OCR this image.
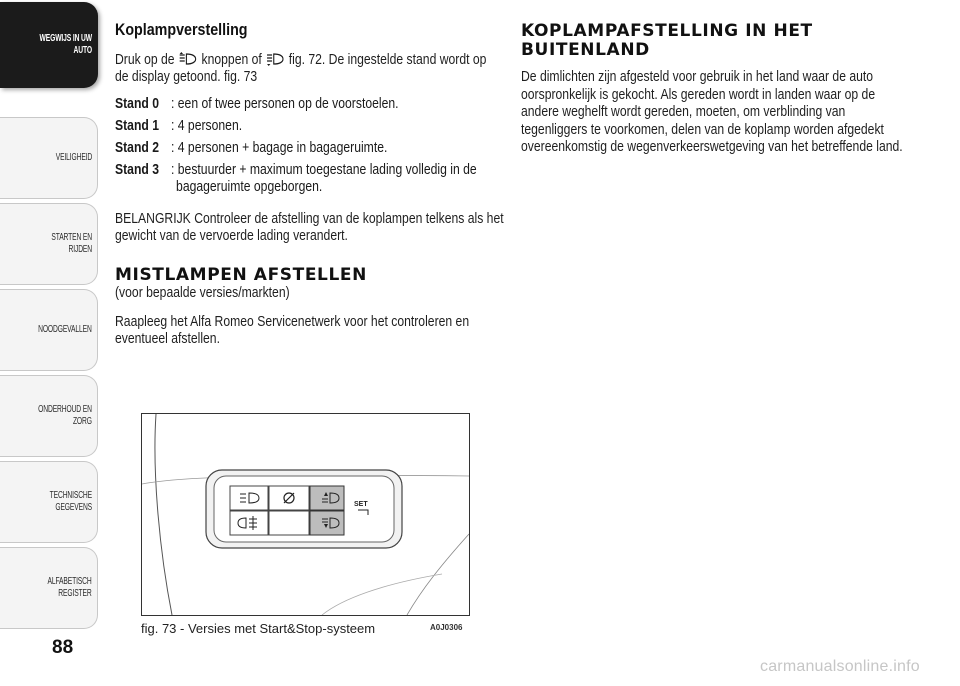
WEGWIJS IN UW
AUTO
VEILIGHEID
STARTEN EN RIJDEN
NOODGEVALLEN
ONDERHOUD EN
ZORG
TECHNISCHE
GEGEVENS
ALFABETISCH
REGISTER
88
Koplampverstelling
Druk op de knoppen of fig. 72. De ingestelde stand wordt op
de display getoond. fig. 73
Stand 0 : een of twee personen op de voorstoelen.
Stand 1 : 4 personen.
Stand 2 : 4 personen + bagage in bagageruimte.
Stand 3 : bestuurder + maximum toegestane lading volledig in de
bagageruimte opgeborgen.
BELANGRIJK Controleer de afstelling van de koplampen telkens als het
gewicht van de vervoerde lading verandert.
MISTLAMPEN AFSTELLEN
(voor bepaalde versies/markten)
Raapleeg het Alfa Romeo Servicenetwerk voor het controleren en
eventueel afstellen.
SET
fig. 73 - Versies met Start&Stop-systeem	A0J0306
KOPLAMPAFSTELLING IN HET
BUITENLAND
De dimlichten zijn afgesteld voor gebruik in het land waar de auto
oorspronkelijk is gekocht. Als gereden wordt in landen waar op de
andere weghelft wordt gereden, moeten, om verblinding van
tegenliggers te voorkomen, delen van de koplamp worden afgedekt
overeenkomstig de wegenverkeerswetgeving van het betreffende land.
carmanualsonline.info
